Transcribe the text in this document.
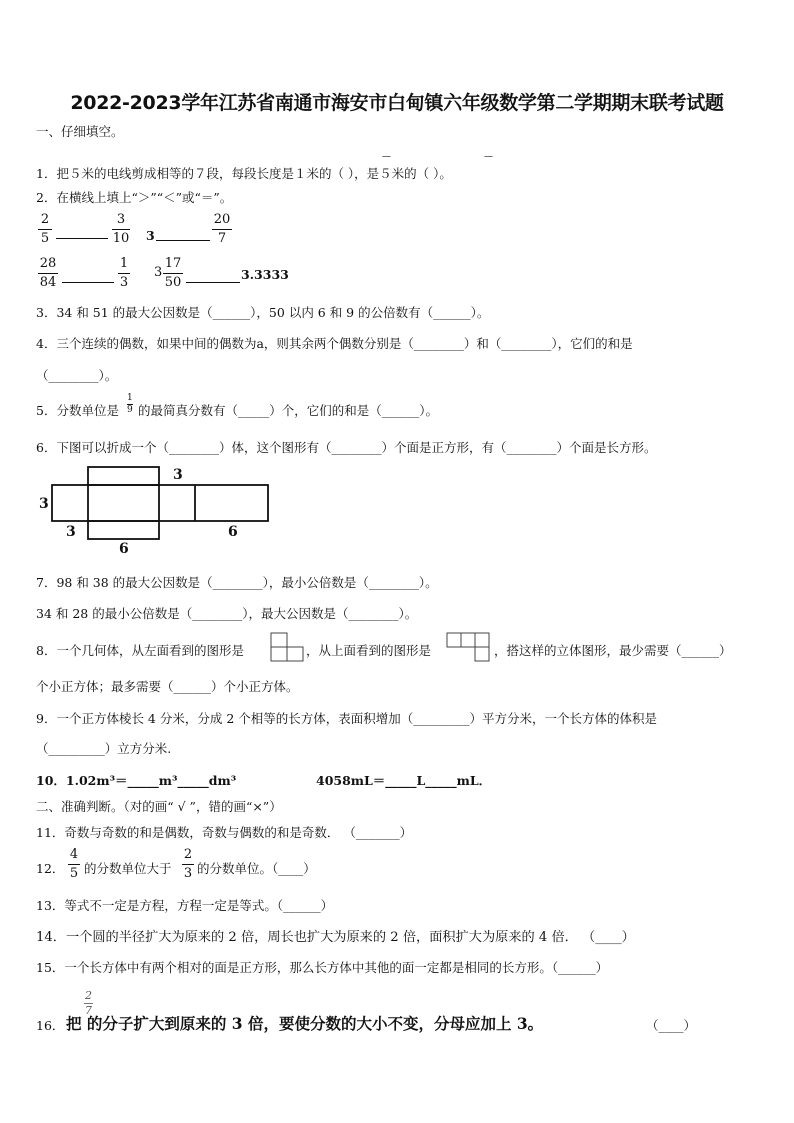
2022-2023学年江苏省南通市海安市白甸镇六年级数学第二学期期末联考试题
一、仔细填空。
1．把５米的电线剪成相等的７段，每段长度是１米的（ ），是５米的（ ）。
—	—
2．在横线上填上“＞”“＜”或“＝”。
2
5
3
10 3
20
7
28
84
1
3
3
17
50
3.3333
3．34 和 51 的最大公因数是（______），50 以内 6 和 9 的公倍数有（______）。
4．三个连续的偶数，如果中间的偶数为a，则其余两个偶数分别是（________）和（________），它们的和是
（________）。
5．分数单位是 $\frac{1}{9}$ 的最简真分数有（_____）个，它们的和是（______）。
6．下图可以折成一个（________）体，这个图形有（________）个面是正方形，有（________）个面是长方形。
3
3
3
6
6
7．98 和 38 的最大公因数是（________），最小公倍数是（________）。
34 和 28 的最小公倍数是（________），最大公因数是（________）。
8．一个几何体，从左面看到的图形是	，从上面看到的图形是	，搭这样的立体图形，最少需要（______）
个小正方体；最多需要（______）个小正方体。
9．一个正方体棱长 4 分米，分成 2 个相等的长方体，表面积增加（_________）平方分米，一个长方体的体积是
（_________）立方分米.
10．1.02m³＝_____m³_____dm³	4058mL＝_____L_____mL．
二、准确判断。（对的画“ √ ”，错的画“×”）
11．奇数与奇数的和是偶数，奇数与偶数的和是奇数． （_______）
12．
4
5 的分数单位大于
2
3 的分数单位。（____）
13．等式不一定是方程，方程一定是等式。（______）
14．一个圆的半径扩大为原来的 2 倍，周长也扩大为原来的 2 倍，面积扩大为原来的 4 倍． （____）
15．一个长方体中有两个相对的面是正方形，那么长方体中其他的面一定都是相同的长方形。（______）
16．
2
7
把 的分子扩大到原来的 3 倍，要使分数的大小不变，分母应加上 3。	（____）
